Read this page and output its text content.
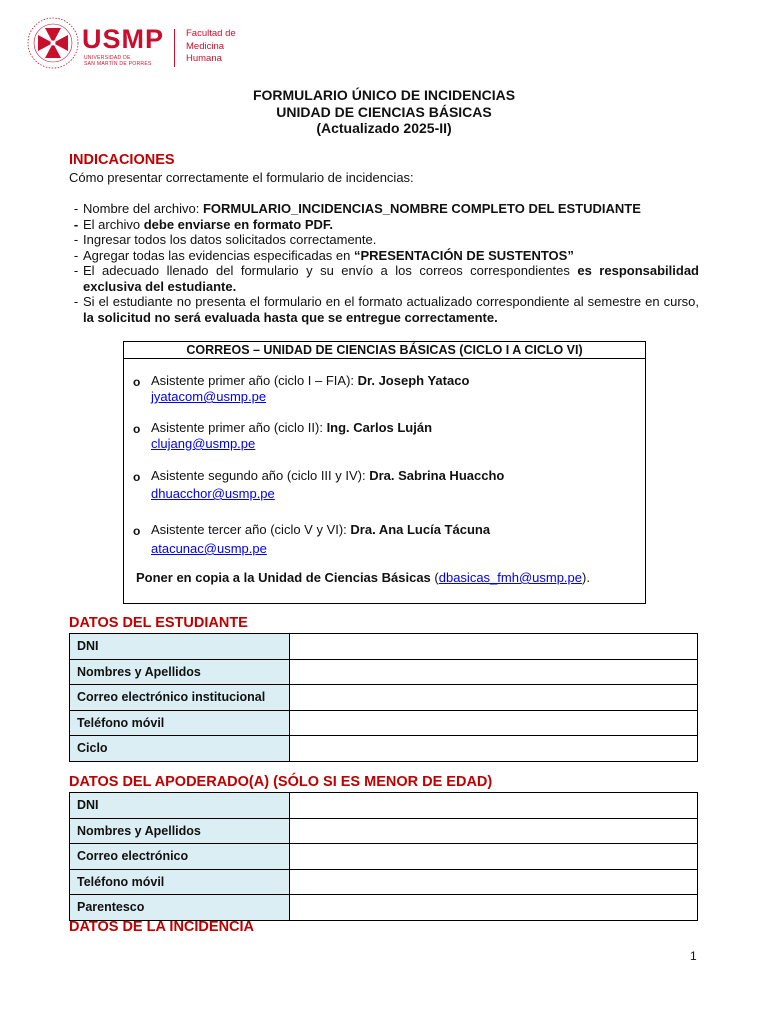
USMP
UNIVERSIDAD DE
SAN MARTÍN DE PORRES
Facultad de
Medicina
Humana
FORMULARIO ÚNICO DE INCIDENCIAS
UNIDAD DE CIENCIAS BÁSICAS
(Actualizado 2025-II)
INDICACIONES
Cómo presentar correctamente el formulario de incidencias:
- Nombre del archivo: FORMULARIO_INCIDENCIAS_NOMBRE COMPLETO DEL ESTUDIANTE
- El archivo debe enviarse en formato PDF.
- Ingresar todos los datos solicitados correctamente.
- Agregar todas las evidencias especificadas en “PRESENTACIÓN DE SUSTENTOS”
- El adecuado llenado del formulario y su envío a los correos correspondientes es responsabilidad exclusiva del estudiante.
- Si el estudiante no presenta el formulario en el formato actualizado correspondiente al semestre en curso, la solicitud no será evaluada hasta que se entregue correctamente.
CORREOS – UNIDAD DE CIENCIAS BÁSICAS (CICLO I A CICLO VI)
o Asistente primer año (ciclo I – FIA): Dr. Joseph Yataco
jyatacom@usmp.pe
o Asistente primer año (ciclo II): Ing. Carlos Luján
clujang@usmp.pe
o Asistente segundo año (ciclo III y IV): Dra. Sabrina Huaccho
dhuacchor@usmp.pe
o Asistente tercer año (ciclo V y VI): Dra. Ana Lucía Tácuna
atacunac@usmp.pe
Poner en copia a la Unidad de Ciencias Básicas (dbasicas_fmh@usmp.pe).
DATOS DEL ESTUDIANTE
DNI	
Nombres y Apellidos	
Correo electrónico institucional	
Teléfono móvil	
Ciclo	
DATOS DEL APODERADO(A) (SÓLO SI ES MENOR DE EDAD)
DNI	
Nombres y Apellidos	
Correo electrónico	
Teléfono móvil	
Parentesco	
DATOS DE LA INCIDENCIA
1
